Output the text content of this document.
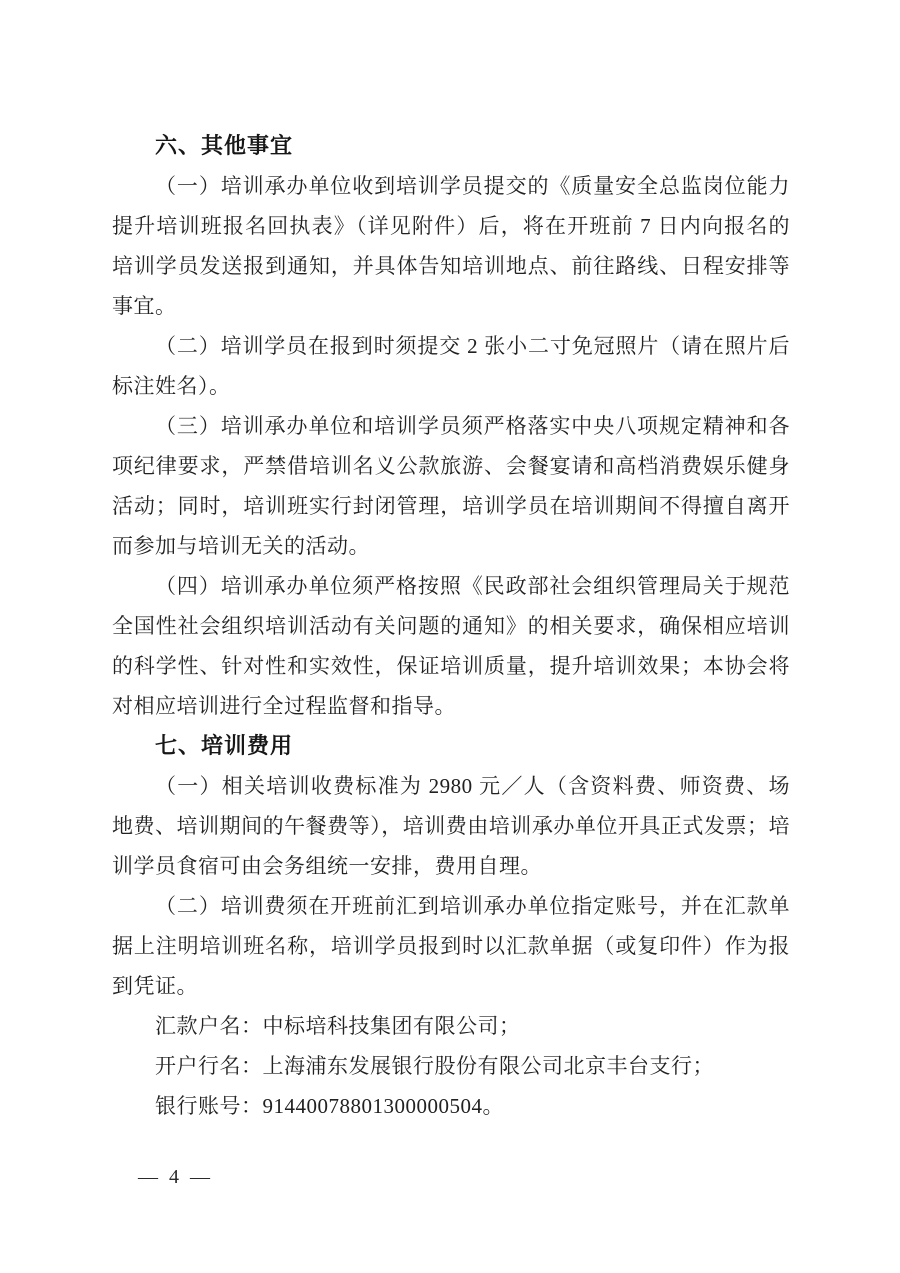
六、其他事宜

（一）培训承办单位收到培训学员提交的《质量安全总监岗位能力提升培训班报名回执表》（详见附件）后，将在开班前 7 日内向报名的培训学员发送报到通知，并具体告知培训地点、前往路线、日程安排等事宜。

（二）培训学员在报到时须提交 2 张小二寸免冠照片（请在照片后标注姓名）。

（三）培训承办单位和培训学员须严格落实中央八项规定精神和各项纪律要求，严禁借培训名义公款旅游、会餐宴请和高档消费娱乐健身活动；同时，培训班实行封闭管理，培训学员在培训期间不得擅自离开而参加与培训无关的活动。

（四）培训承办单位须严格按照《民政部社会组织管理局关于规范全国性社会组织培训活动有关问题的通知》的相关要求，确保相应培训的科学性、针对性和实效性，保证培训质量，提升培训效果；本协会将对相应培训进行全过程监督和指导。

七、培训费用

（一）相关培训收费标准为 2980 元／人（含资料费、师资费、场地费、培训期间的午餐费等），培训费由培训承办单位开具正式发票；培训学员食宿可由会务组统一安排，费用自理。

（二）培训费须在开班前汇到培训承办单位指定账号，并在汇款单据上注明培训班名称，培训学员报到时以汇款单据（或复印件）作为报到凭证。

汇款户名：中标培科技集团有限公司；

开户行名：上海浦东发展银行股份有限公司北京丰台支行；

银行账号：91440078801300000504。

— 4 —
